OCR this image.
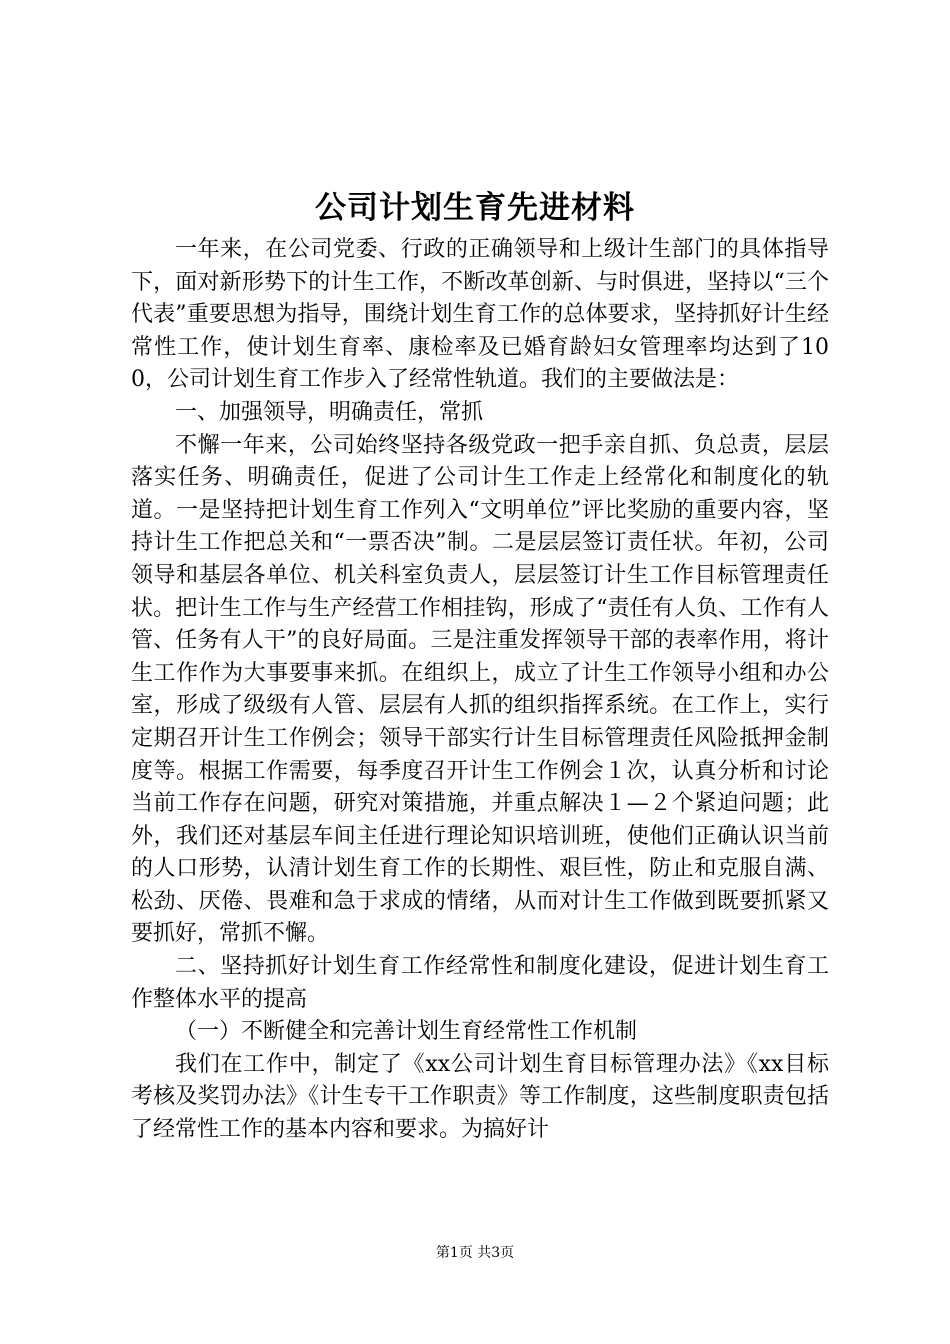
公司计划生育先进材料

一年来，在公司党委、行政的正确领导和上级计生部门的具体指导下，面对新形势下的计生工作，不断改革创新、与时俱进，坚持以“三个代表”重要思想为指导，围绕计划生育工作的总体要求，坚持抓好计生经常性工作，使计划生育率、康检率及已婚育龄妇女管理率均达到了100，公司计划生育工作步入了经常性轨道。我们的主要做法是：

一、加强领导，明确责任，常抓

不懈一年来，公司始终坚持各级党政一把手亲自抓、负总责，层层落实任务、明确责任，促进了公司计生工作走上经常化和制度化的轨道。一是坚持把计划生育工作列入“文明单位”评比奖励的重要内容，坚持计生工作把总关和“一票否决”制。二是层层签订责任状。年初，公司领导和基层各单位、机关科室负责人，层层签订计生工作目标管理责任状。把计生工作与生产经营工作相挂钩，形成了“责任有人负、工作有人管、任务有人干”的良好局面。三是注重发挥领导干部的表率作用，将计生工作作为大事要事来抓。在组织上，成立了计生工作领导小组和办公室，形成了级级有人管、层层有人抓的组织指挥系统。在工作上，实行定期召开计生工作例会；领导干部实行计生目标管理责任风险抵押金制度等。根据工作需要，每季度召开计生工作例会１次，认真分析和讨论当前工作存在问题，研究对策措施，并重点解决１—２个紧迫问题；此外，我们还对基层车间主任进行理论知识培训班，使他们正确认识当前的人口形势，认清计划生育工作的长期性、艰巨性，防止和克服自满、松劲、厌倦、畏难和急于求成的情绪，从而对计生工作做到既要抓紧又要抓好，常抓不懈。

二、坚持抓好计划生育工作经常性和制度化建设，促进计划生育工作整体水平的提高

（一）不断健全和完善计划生育经常性工作机制

我们在工作中，制定了《xx公司计划生育目标管理办法》《xx目标考核及奖罚办法》《计生专干工作职责》等工作制度，这些制度职责包括了经常性工作的基本内容和要求。为搞好计

第1页 共3页
